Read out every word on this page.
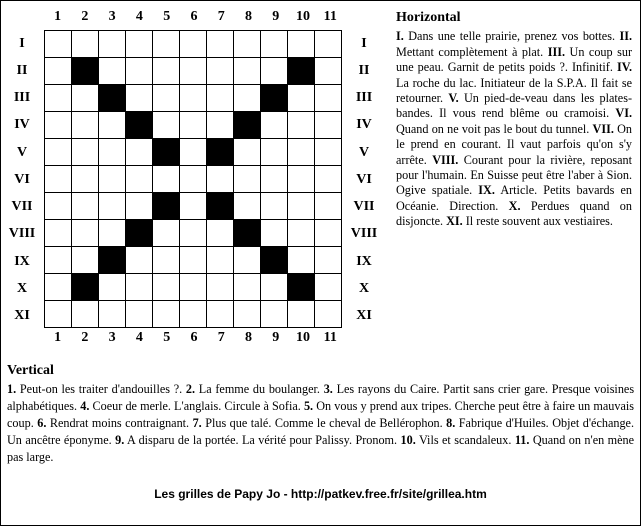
1	2	3	4	5	6	7	8	9	10 11
1	2	3	4	5	6	7	8	9	10 11
I
II
III
IV
V
VI
VII
VIII
IX
X
XI
I
II
III
IV
V
VI
VII
VIII
IX
X
XI
Horizontal
I. Dans une telle prairie, prenez vos bottes. II. Mettant complètement à plat. III. Un coup sur une peau. Garnit de petits poids ?. Infinitif. IV. La roche du lac. Initiateur de la S.P.A. Il fait se retourner. V. Un pied-de-veau dans les plates-bandes. Il vous rend blême ou cramoisi. VI. Quand on ne voit pas le bout du tunnel. VII. On le prend en courant. Il vaut parfois qu'on s'y arrête. VIII. Courant pour la rivière, reposant pour l'humain. En Suisse peut être l'aber à Sion. Ogive spatiale. IX. Article. Petits bavards en Océanie. Direction. X. Perdues quand on disjoncte. XI. Il reste souvent aux vestiaires.
Vertical
1. Peut-on les traiter d'andouilles ?. 2. La femme du boulanger. 3. Les rayons du Caire. Partit sans crier gare. Presque voisines alphabétiques. 4. Coeur de merle. L'anglais. Circule à Sofia. 5. On vous y prend aux tripes. Cherche peut être à faire un mauvais coup. 6. Rendrat moins contraignant. 7. Plus que talé. Comme le cheval de Bellérophon. 8. Fabrique d'Huiles. Objet d'échange. Un ancêtre éponyme. 9. A disparu de la portée. La vérité pour Palissy. Pronom. 10. Vils et scandaleux. 11. Quand on n'en mène pas large.
Les grilles de Papy Jo - http://patkev.free.fr/site/grillea.htm
